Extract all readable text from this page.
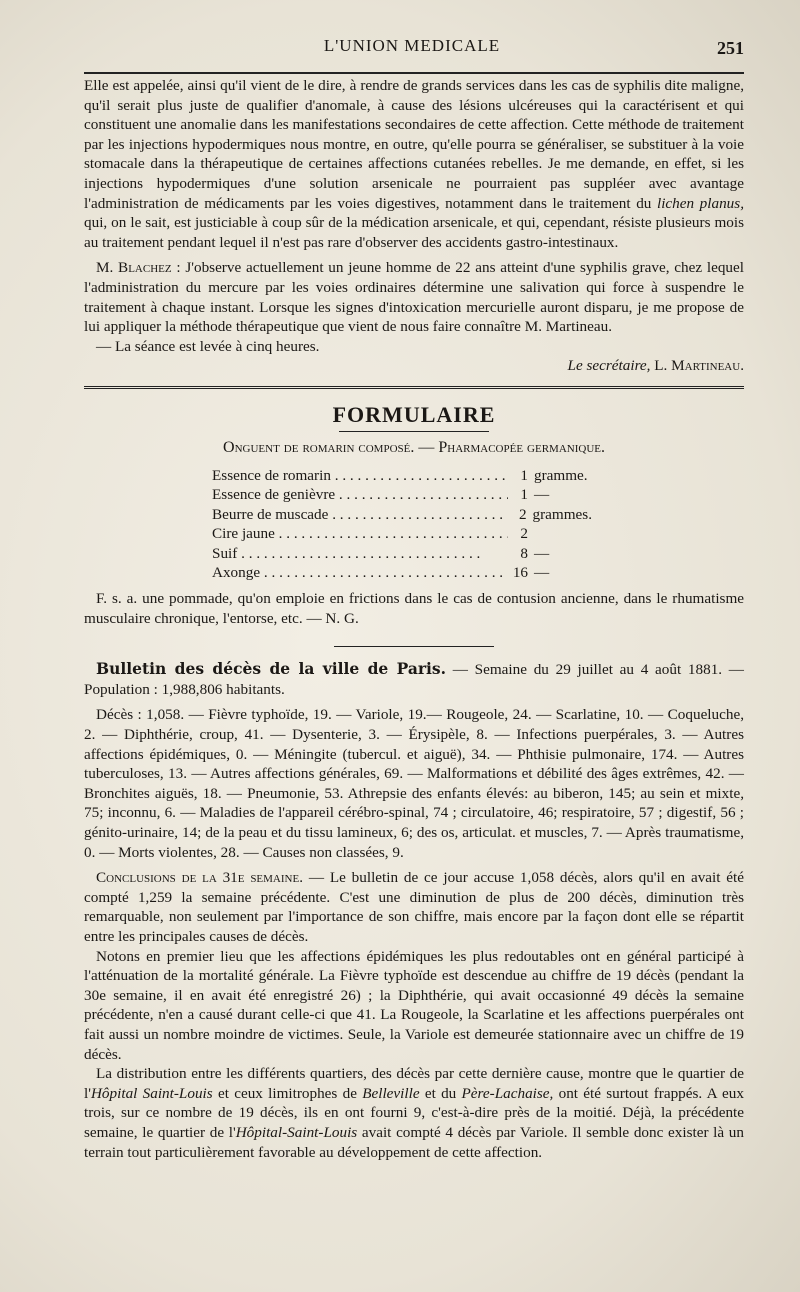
L'UNION MEDICALE	251

Elle est appelée, ainsi qu'il vient de le dire, à rendre de grands services dans les cas de syphilis dite maligne, qu'il serait plus juste de qualifier d'anomale, à cause des lésions ulcéreuses qui la caractérisent et qui constituent une anomalie dans les manifestations secondaires de cette affection. Cette méthode de traitement par les injections hypodermiques nous montre, en outre, qu'elle pourra se généraliser, se substituer à la voie stomacale dans la thérapeutique de certaines affections cutanées rebelles. Je me demande, en effet, si les injections hypodermiques d'une solution arsenicale ne pourraient pas suppléer avec avantage l'administration de médicaments par les voies digestives, notamment dans le traitement du lichen planus, qui, on le sait, est justiciable à coup sûr de la médication arsenicale, et qui, cependant, résiste plusieurs mois au traitement pendant lequel il n'est pas rare d'observer des accidents gastro-intestinaux.

M. Blachez : J'observe actuellement un jeune homme de 22 ans atteint d'une syphilis grave, chez lequel l'administration du mercure par les voies ordinaires détermine une salivation qui force à suspendre le traitement à chaque instant. Lorsque les signes d'intoxication mercurielle auront disparu, je me propose de lui appliquer la méthode thérapeutique que vient de nous faire connaître M. Martineau.

— La séance est levée à cinq heures.

Le secrétaire, L. Martineau.

FORMULAIRE
Onguent de romarin composé. — Pharmacopée germanique.
Essence de romarin . . .	1 gramme.
Essence de genièvre . . .	1 —
Beurre de muscade . . .	2 grammes.
Cire jaune . . .	2
Suif . . .	8 —
Axonge . . .	16 —

F. s. a. une pommade, qu'on emploie en frictions dans le cas de contusion ancienne, dans le rhumatisme musculaire chronique, l'entorse, etc. — N. G.

Bulletin des décès de la ville de Paris. — Semaine du 29 juillet au 4 août 1881. — Population : 1,988,806 habitants.

Décès : 1,058. — Fièvre typhoïde, 19. — Variole, 19.— Rougeole, 24. — Scarlatine, 10. — Coqueluche, 2. — Diphthérie, croup, 41. — Dysenterie, 3. — Érysipèle, 8. — Infections puerpérales, 3. — Autres affections épidémiques, 0. — Méningite (tubercul. et aiguë), 34. — Phthisie pulmonaire, 174. — Autres tuberculoses, 13. — Autres affections générales, 69. — Malformations et débilité des âges extrêmes, 42. — Bronchites aiguës, 18. — Pneumonie, 53. Athrepsie des enfants élevés: au biberon, 145; au sein et mixte, 75; inconnu, 6. — Maladies de l'appareil cérébro-spinal, 74 ; circulatoire, 46; respiratoire, 57 ; digestif, 56 ; génito-urinaire, 14; de la peau et du tissu lamineux, 6; des os, articulat. et muscles, 7. — Après traumatisme, 0. — Morts violentes, 28. — Causes non classées, 9.

Conclusions de la 31e semaine. — Le bulletin de ce jour accuse 1,058 décès, alors qu'il en avait été compté 1,259 la semaine précédente. C'est une diminution de plus de 200 décès, diminution très remarquable, non seulement par l'importance de son chiffre, mais encore par la façon dont elle se répartit entre les principales causes de décès.

Notons en premier lieu que les affections épidémiques les plus redoutables ont en général participé à l'atténuation de la mortalité générale. La Fièvre typhoïde est descendue au chiffre de 19 décès (pendant la 30e semaine, il en avait été enregistré 26) ; la Diphthérie, qui avait occasionné 49 décès la semaine précédente, n'en a causé durant celle-ci que 41. La Rougeole, la Scarlatine et les affections puerpérales ont fait aussi un nombre moindre de victimes. Seule, la Variole est demeurée stationnaire avec un chiffre de 19 décès.

La distribution entre les différents quartiers, des décès par cette dernière cause, montre que le quartier de l'Hôpital Saint-Louis et ceux limitrophes de Belleville et du Père-Lachaise, ont été surtout frappés. A eux trois, sur ce nombre de 19 décès, ils en ont fourni 9, c'est-à-dire près de la moitié. Déjà, la précédente semaine, le quartier de l'Hôpital-Saint-Louis avait compté 4 décès par Variole. Il semble donc exister là un terrain tout particulièrement favorable au développement de cette affection.
